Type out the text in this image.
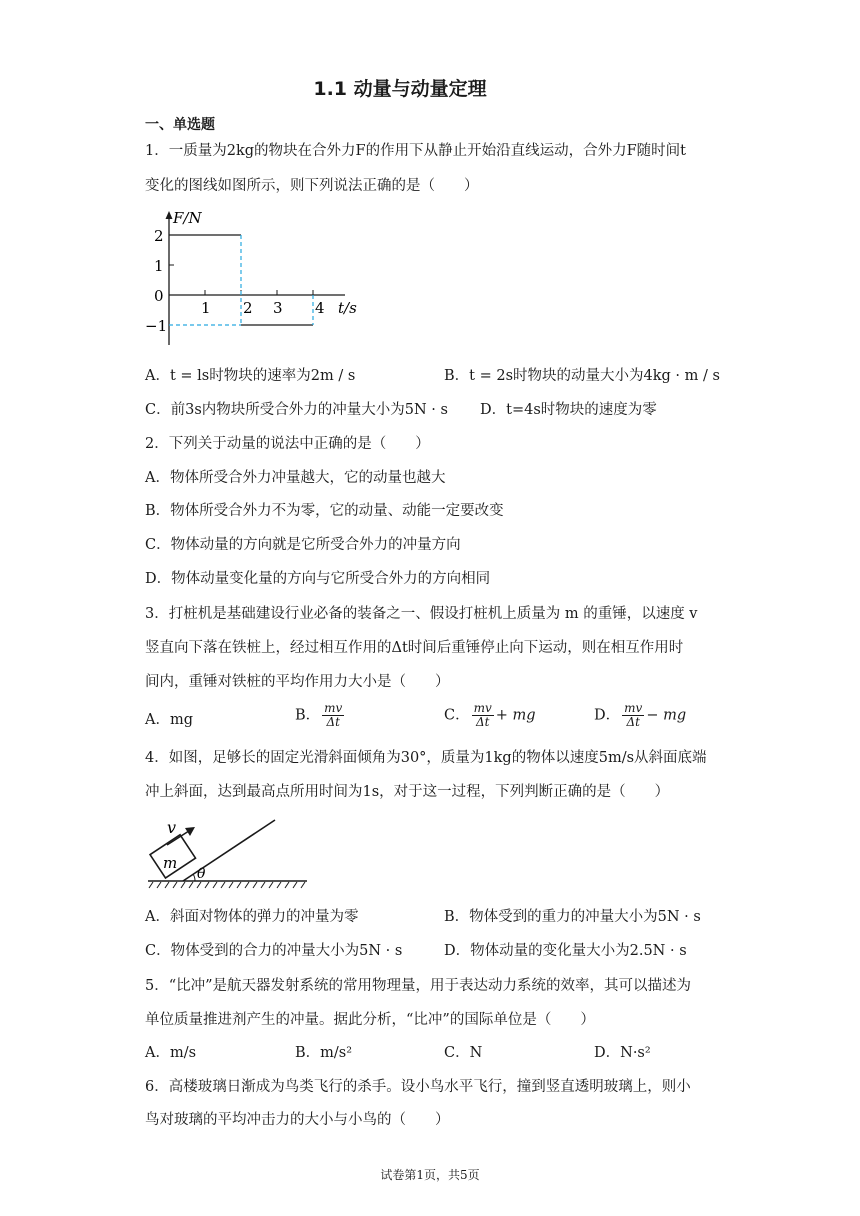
1.1 动量与动量定理
一、单选题
1．一质量为2kg的物块在合外力F的作用下从静止开始沿直线运动，合外力F随时间t
变化的图线如图所示，则下列说法正确的是（　　）
F/N
2
1
0
−1
1 2 3 4 t/s
A．t = ls时物块的速率为2m / s	B．t = 2s时物块的动量大小为4kg · m / s
C．前3s内物块所受合外力的冲量大小为5N · s D．t=4s时物块的速度为零
2．下列关于动量的说法中正确的是（　　）
A．物体所受合外力冲量越大，它的动量也越大
B．物体所受合外力不为零，它的动量、动能一定要改变
C．物体动量的方向就是它所受合外力的冲量方向
D．物体动量变化量的方向与它所受合外力的方向相同
3．打桩机是基础建设行业必备的装备之一、假设打桩机上质量为 m 的重锤，以速度 v
竖直向下落在铁桩上，经过相互作用的Δt时间后重锤停止向下运动，则在相互作用时
间内，重锤对铁桩的平均作用力大小是（　　）
A．mg	B． $\frac{mv}{\Delta t}$	C． $\frac{mv}{\Delta t}$ + mg	D． $\frac{mv}{\Delta t}$ − mg
4．如图，足够长的固定光滑斜面倾角为30°，质量为1kg的物体以速度5m/s从斜面底端
冲上斜面，达到最高点所用时间为1s，对于这一过程，下列判断正确的是（　　）
m
v
θ
A．斜面对物体的弹力的冲量为零	B．物体受到的重力的冲量大小为5N · s
C．物体受到的合力的冲量大小为5N · s	D．物体动量的变化量大小为2.5N · s
5．“比冲”是航天器发射系统的常用物理量，用于表达动力系统的效率，其可以描述为
单位质量推进剂产生的冲量。据此分析，“比冲”的国际单位是（　　）
A．m/s	B．m/s²	C．N	D．N·s²
6．高楼玻璃日渐成为鸟类飞行的杀手。设小鸟水平飞行，撞到竖直透明玻璃上，则小
鸟对玻璃的平均冲击力的大小与小鸟的（　　）
试卷第1页，共5页
